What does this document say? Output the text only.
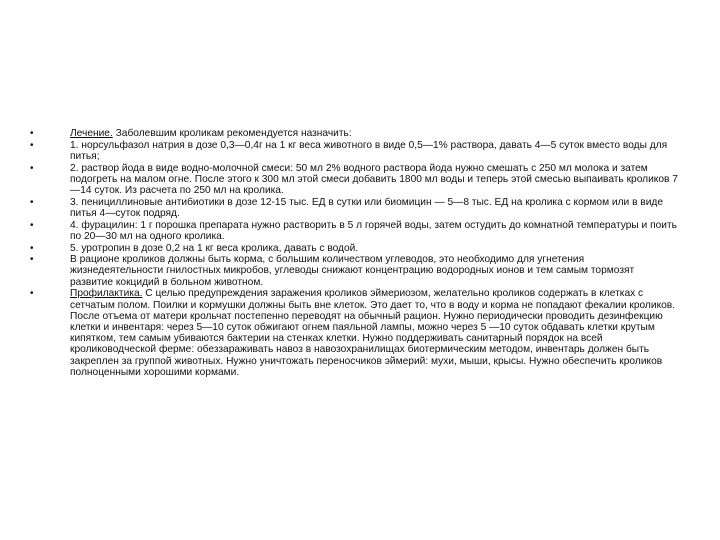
•	Лечение. Заболевшим кроликам рекомендуется назначить:
•	1. норсульфазол натрия в дозе 0,3—0,4г на 1 кг веса животного в виде 0,5—1% раствора, давать 4—5 суток вместо воды для питья;
•	2. раствор йода в виде водно-молочной смеси: 50 мл 2% водного раствора йода нужно смешать с 250 мл молока и затем подогреть на малом огне. После этого к 300 мл этой смеси добавить 1800 мл воды и теперь этой смесью выпаивать кроликов 7—14 суток. Из расчета по 250 мл на кролика.
•	3. пенициллиновые антибиотики в дозе 12-15 тыс. ЕД в сутки или биомицин — 5—8 тыс. ЕД на кролика с кормом или в виде питья 4—суток подряд.
•	4. фурацилин: 1 г порошка препарата нужно растворить в 5 л горячей воды, затем остудить до комнатной температуры и поить по 20—30 мл на одного кролика.
•	5. уротропин в дозе 0,2 на 1 кг веса кролика, давать с водой.
•	В рационе кроликов должны быть корма, с большим количеством углеводов, это необходимо для угнетения жизнедеятельности гнилостных микробов, углеводы снижают концентрацию водородных ионов и тем самым тормозят развитие кокцидий в больном животном.
•	Профилактика. С целью предупреждения заражения кроликов эймериозом, желательно кроликов содержать в клетках с сетчатым полом. Поилки и кормушки должны быть вне клеток. Это дает то, что в воду и корма не попадают фекалии кроликов. После отъема от матери крольчат постепенно переводят на обычный рацион. Нужно периодически проводить дезинфекцию клетки и инвентаря: через 5—10 суток обжигают огнем паяльной лампы, можно через 5 —10 суток обдавать клетки крутым кипятком, тем самым убиваются бактерии на стенках клетки. Нужно поддерживать санитарный порядок на всей кролиководческой ферме: обеззараживать навоз в навозохранилищах биотермическим методом, инвентарь должен быть закреплен за группой животных. Нужно уничтожать переносчиков эймерий: мухи, мыши, крысы. Нужно обеспечить кроликов полноценными хорошими кормами.
